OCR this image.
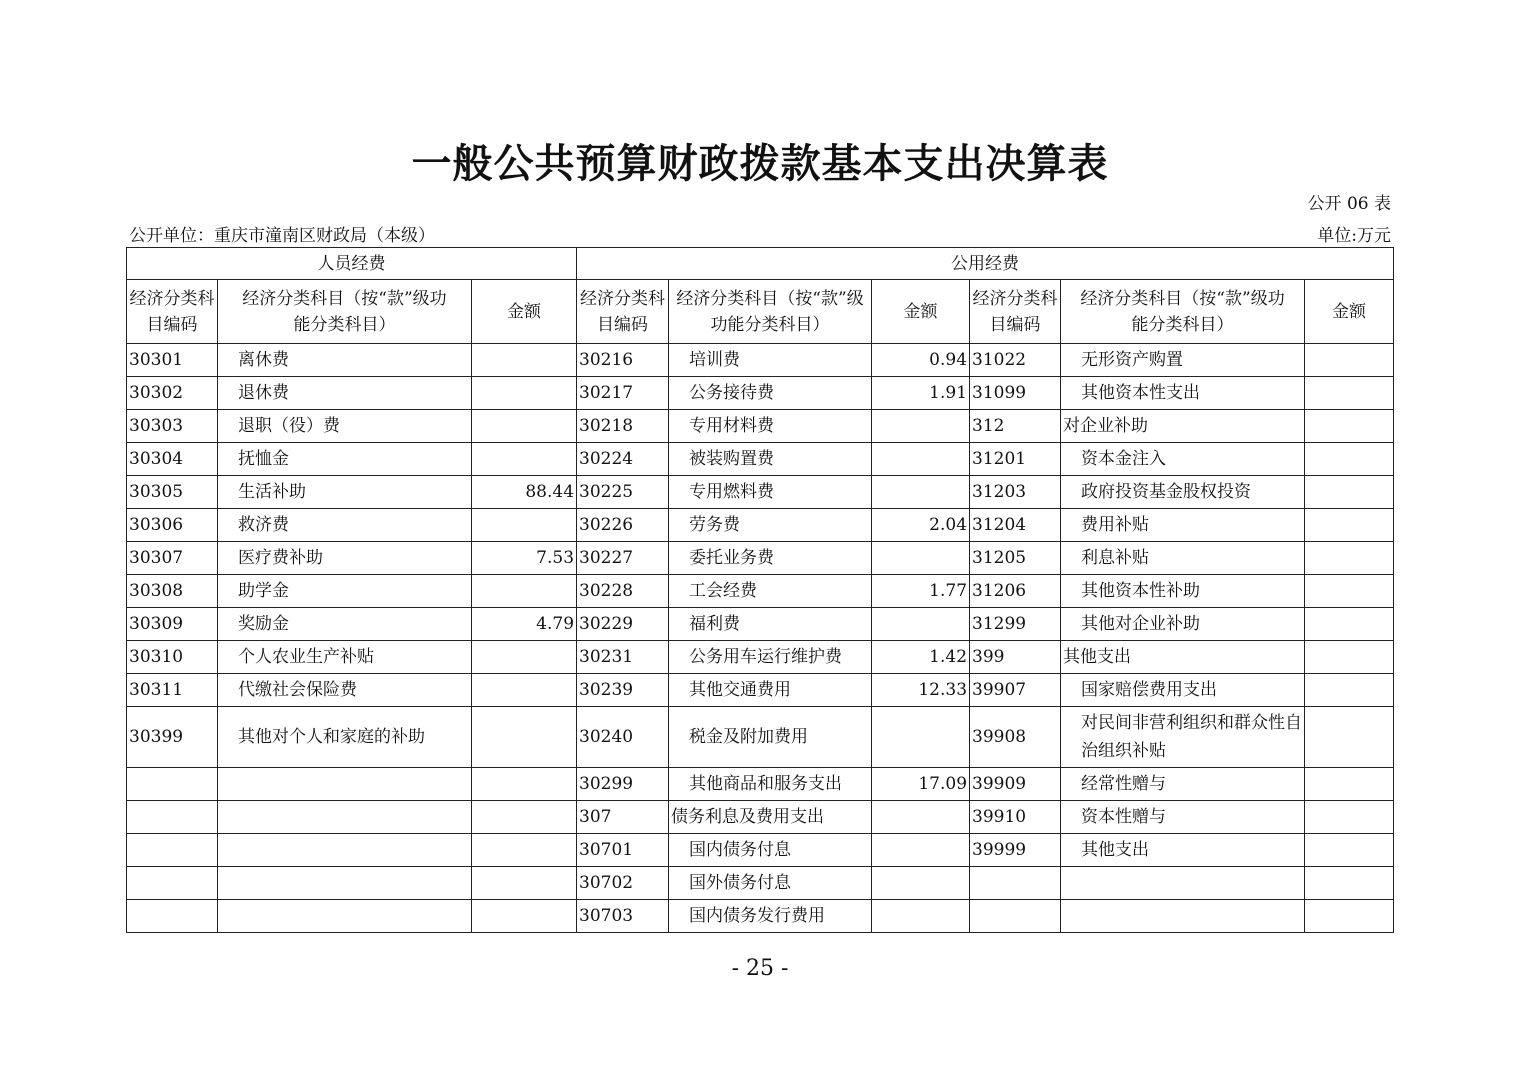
一般公共预算财政拨款基本支出决算表
公开 06 表
公开单位：重庆市潼南区财政局（本级）	单位:万元
人员经费			公用经费					
经济分类科目编码	经济分类科目（按“款”级功能分类科目）	金额	经济分类科目编码	经济分类科目（按“款”级功能分类科目）	金额	经济分类科目编码	经济分类科目（按“款”级功能分类科目）	金额
30301	离休费		30216	培训费	0.94	31022	无形资产购置	
30302	退休费		30217	公务接待费	1.91	31099	其他资本性支出	
30303	退职（役）费		30218	专用材料费		312	对企业补助	
30304	抚恤金		30224	被装购置费		31201	资本金注入	
30305	生活补助	88.44	30225	专用燃料费		31203	政府投资基金股权投资	
30306	救济费		30226	劳务费	2.04	31204	费用补贴	
30307	医疗费补助	7.53	30227	委托业务费		31205	利息补贴	
30308	助学金		30228	工会经费	1.77	31206	其他资本性补助	
30309	奖励金	4.79	30229	福利费		31299	其他对企业补助	
30310	个人农业生产补贴		30231	公务用车运行维护费	1.42	399	其他支出	
30311	代缴社会保险费		30239	其他交通费用	12.33	39907	国家赔偿费用支出	
30399	其他对个人和家庭的补助		30240	税金及附加费用		39908	对民间非营利组织和群众性自治组织补贴	
			30299	其他商品和服务支出	17.09	39909	经常性赠与	
			307	债务利息及费用支出		39910	资本性赠与	
			30701	国内债务付息		39999	其他支出	
			30702	国外债务付息				
			30703	国内债务发行费用				
- 25 -
